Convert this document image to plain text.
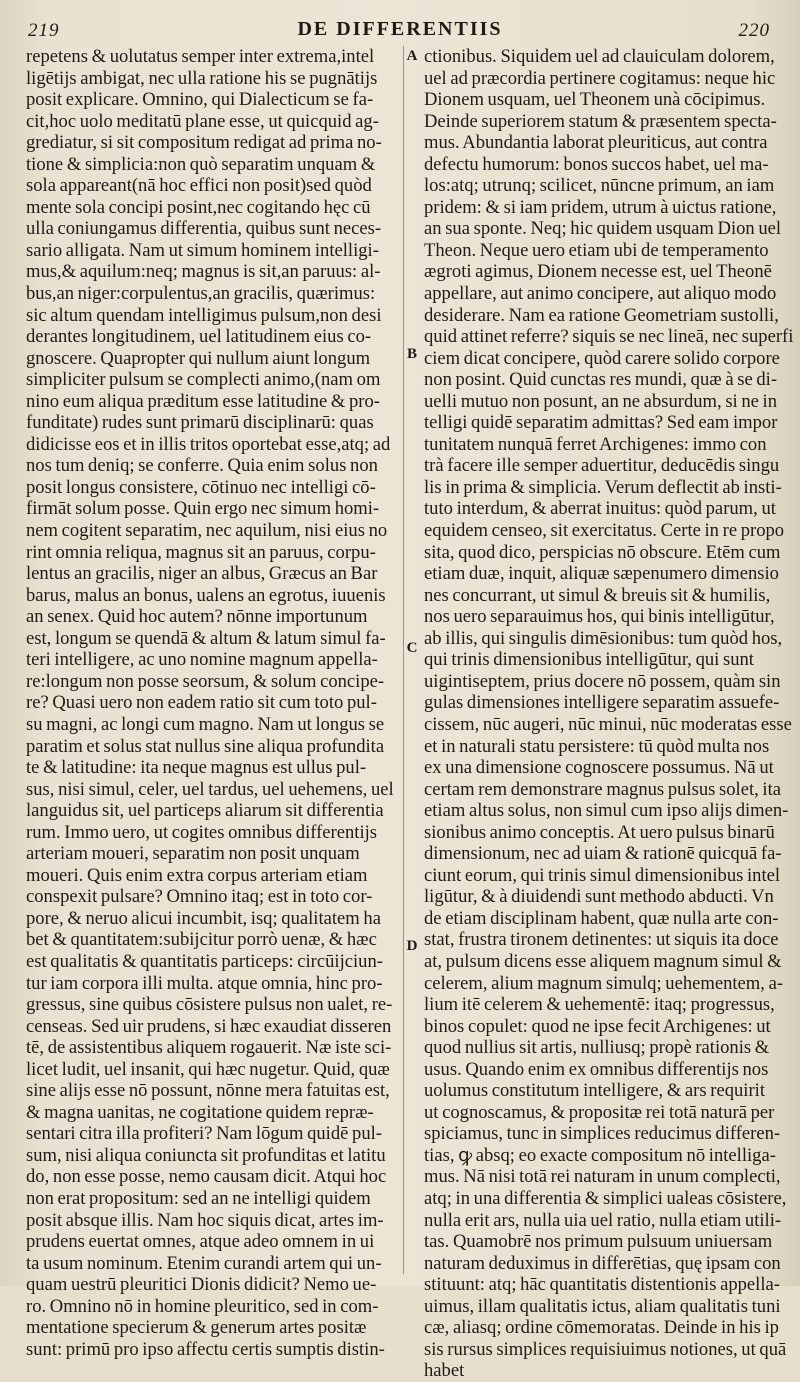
219	DE DIFFERENTIIS	220
A
B
C
D
repetens & uolutatus semper inter extrema,intel
ligētijs ambigat, nec ulla ratione his se pugnātijs
posit explicare. Omnino, qui Dialecticum se fa-
cit,hoc uolo meditatū plane esse, ut quicquid ag-
grediatur, si sit compositum redigat ad prima no-
tione & simplicia:non quò separatim unquam &
sola appareant(nā hoc effici non posit)sed quòd
mente sola concipi posint,nec cogitando hęc cū
ulla coniungamus differentia, quibus sunt neces-
sario alligata. Nam ut simum hominem intelligi-
mus,& aquilum:neq; magnus is sit,an paruus: al-
bus,an niger:corpulentus,an gracilis, quærimus:
sic altum quendam intelligimus pulsum,non desi
derantes longitudinem, uel latitudinem eius co-
gnoscere. Quapropter qui nullum aiunt longum
simpliciter pulsum se complecti animo,(nam om
nino eum aliqua præditum esse latitudine & pro-
funditate) rudes sunt primarū disciplinarū: quas
didicisse eos et in illis tritos oportebat esse,atq; ad
nos tum deniq; se conferre. Quia enim solus non
posit longus consistere, cōtinuo nec intelligi cō-
firmāt solum posse. Quin ergo nec simum homi-
nem cogitent separatim, nec aquilum, nisi eius no
rint omnia reliqua, magnus sit an paruus, corpu-
lentus an gracilis, niger an albus, Græcus an Bar
barus, malus an bonus, ualens an egrotus, iuuenis
an senex. Quid hoc autem? nōnne importunum
est, longum se quendā & altum & latum simul fa-
teri intelligere, ac uno nomine magnum appella-
re:longum non posse seorsum, & solum concipe-
re? Quasi uero non eadem ratio sit cum toto pul-
su magni, ac longi cum magno. Nam ut longus se
paratim et solus stat nullus sine aliqua profundita
te & latitudine: ita neque magnus est ullus pul-
sus, nisi simul, celer, uel tardus, uel uehemens, uel
languidus sit, uel particeps aliarum sit differentia
rum. Immo uero, ut cogites omnibus differentijs
arteriam moueri, separatim non posit unquam
moueri. Quis enim extra corpus arteriam etiam
conspexit pulsare? Omnino itaq; est in toto cor-
pore, & neruo alicui incumbit, isq; qualitatem ha
bet & quantitatem:subijcitur porrò uenæ, & hæc
est qualitatis & quantitatis particeps: circūijciun-
tur iam corpora illi multa. atque omnia, hinc pro-
gressus, sine quibus cōsistere pulsus non ualet, re-
censeas. Sed uir prudens, si hæc exaudiat disseren
tē, de assistentibus aliquem rogauerit. Næ iste sci-
licet ludit, uel insanit, qui hæc nugetur. Quid, quæ
sine alijs esse nō possunt, nōnne mera fatuitas est,
& magna uanitas, ne cogitatione quidem repræ-
sentari citra illa profiteri? Nam lōgum quidē pul-
sum, nisi aliqua coniuncta sit profunditas et latitu
do, non esse posse, nemo causam dicit. Atqui hoc
non erat propositum: sed an ne intelligi quidem
posit absque illis. Nam hoc siquis dicat, artes im-
prudens euertat omnes, atque adeo omnem in ui
ta usum nominum. Etenim curandi artem qui un-
quam uestrū pleuritici Dionis didicit? Nemo ue-
ro. Omnino nō in homine pleuritico, sed in com-
mentatione specierum & generum artes positæ
sunt: primū pro ipso affectu certis sumptis distin-
ctionibus. Siquidem uel ad clauiculam dolorem,
uel ad præcordia pertinere cogitamus: neque hic
Dionem usquam, uel Theonem unà cōcipimus.
Deinde superiorem statum & præsentem specta-
mus. Abundantia laborat pleuriticus, aut contra
defectu humorum: bonos succos habet, uel ma-
los:atq; utrunq; scilicet, nūncne primum, an iam
pridem: & si iam pridem, utrum à uictus ratione,
an sua sponte. Neq; hic quidem usquam Dion uel
Theon. Neque uero etiam ubi de temperamento
ægroti agimus, Dionem necesse est, uel Theonē
appellare, aut animo concipere, aut aliquo modo
desiderare. Nam ea ratione Geometriam sustolli,
quid attinet referre? siquis se nec lineā, nec superfi
ciem dicat concipere, quòd carere solido corpore
non posint. Quid cunctas res mundi, quæ à se di-
uelli mutuo non posunt, an ne absurdum, si ne in
telligi quidē separatim admittas? Sed eam impor
tunitatem nunquā ferret Archigenes: immo con
trà facere ille semper aduertitur, deducēdis singu
lis in prima & simplicia. Verum deflectit ab insti-
tuto interdum, & aberrat inuitus: quòd parum, ut
equidem censeo, sit exercitatus. Certe in re propo
sita, quod dico, perspicias nō obscure. Etēm cum
etiam duæ, inquit, aliquæ sæpenumero dimensio
nes concurrant, ut simul & breuis sit & humilis,
nos uero separauimus hos, qui binis intelligūtur,
ab illis, qui singulis dimēsionibus: tum quòd hos,
qui trinis dimensionibus intelligūtur, qui sunt
uigintiseptem, prius docere nō possem, quàm sin
gulas dimensiones intelligere separatim assuefe-
cissem, nūc augeri, nūc minui, nūc moderatas esse
et in naturali statu persistere: tū quòd multa nos
ex una dimensione cognoscere possumus. Nā ut
certam rem demonstrare magnus pulsus solet, ita
etiam altus solus, non simul cum ipso alijs dimen-
sionibus animo conceptis. At uero pulsus binarū
dimensionum, nec ad uiam & rationē quicquā fa-
ciunt eorum, qui trinis simul dimensionibus intel
ligūtur, & à diuidendi sunt methodo abducti. Vn
de etiam disciplinam habent, quæ nulla arte con-
stat, frustra tironem detinentes: ut siquis ita doce
at, pulsum dicens esse aliquem magnum simul &
celerem, alium magnum simulq; uehementem, a-
lium itē celerem & uehementē: itaq; progressus,
binos copulet: quod ne ipse fecit Archigenes: ut
quod nullius sit artis, nulliusq; propè rationis &
usus. Quando enim ex omnibus differentijs nos
uolumus constitutum intelligere, & ars requirit
ut cognoscamus, & propositæ rei totā naturā per
spiciamus, tunc in simplices reducimus differen-
tias, ꝙ absq; eo exacte compositum nō intelliga-
mus. Nā nisi totā rei naturam in unum complecti,
atq; in una differentia & simplici ualeas cōsistere,
nulla erit ars, nulla uia uel ratio, nulla etiam utili-
tas. Quamobrē nos primum pulsuum uniuersam
naturam deduximus in differētias, quę ipsam con
stituunt: atq; hāc quantitatis distentionis appella-
uimus, illam qualitatis ictus, aliam qualitatis tuni
cæ, aliasq; ordine cōmemoratas. Deinde in his ip
sis rursus simplices requisiuimus notiones, ut quā
habet
